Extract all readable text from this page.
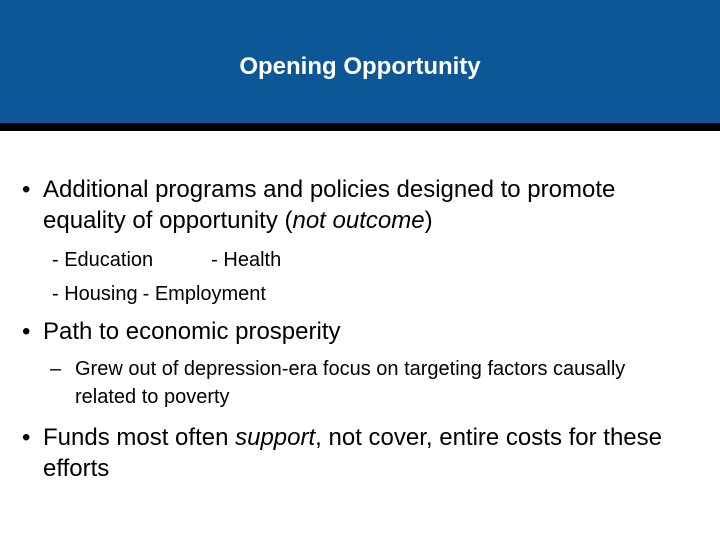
Opening Opportunity
• Additional programs and policies designed to promote equality of opportunity (not outcome)
- Education	- Health
- Housing - Employment
• Path to economic prosperity
– Grew out of depression-era focus on targeting factors causally related to poverty
• Funds most often support, not cover, entire costs for these efforts
